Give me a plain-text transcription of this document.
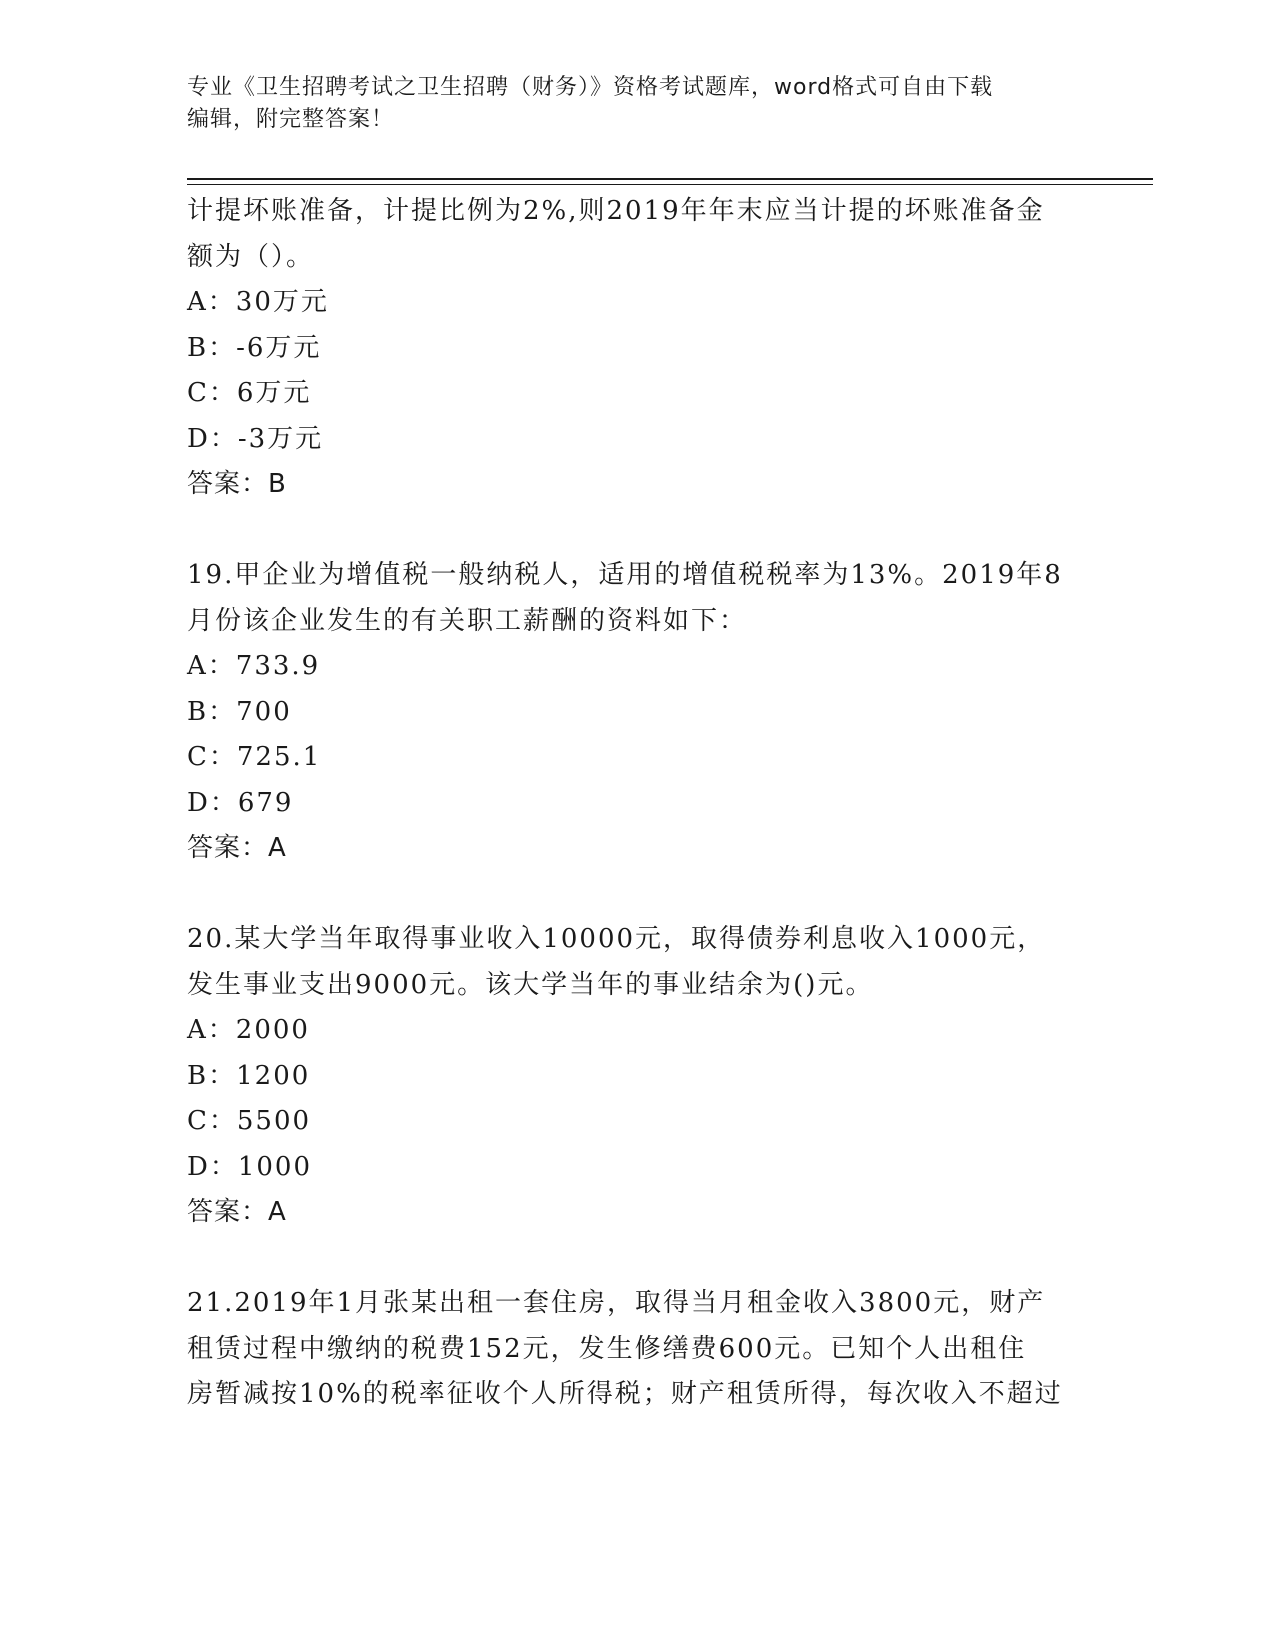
专业《卫生招聘考试之卫生招聘（财务）》资格考试题库，word格式可自由下载
编辑，附完整答案！
计提坏账准备，计提比例为2%,则2019年年末应当计提的坏账准备金
额为（）。
A：30万元
B：-6万元
C：6万元
D：-3万元
答案：B
19.甲企业为增值税一般纳税人，适用的增值税税率为13%。2019年8
月份该企业发生的有关职工薪酬的资料如下：
A：733.9
B：700
C：725.1
D：679
答案：A
20.某大学当年取得事业收入10000元，取得债券利息收入1000元，
发生事业支出9000元。该大学当年的事业结余为()元。
A：2000
B：1200
C：5500
D：1000
答案：A
21.2019年1月张某出租一套住房，取得当月租金收入3800元，财产
租赁过程中缴纳的税费152元，发生修缮费600元。已知个人出租住
房暂减按10%的税率征收个人所得税；财产租赁所得，每次收入不超过
